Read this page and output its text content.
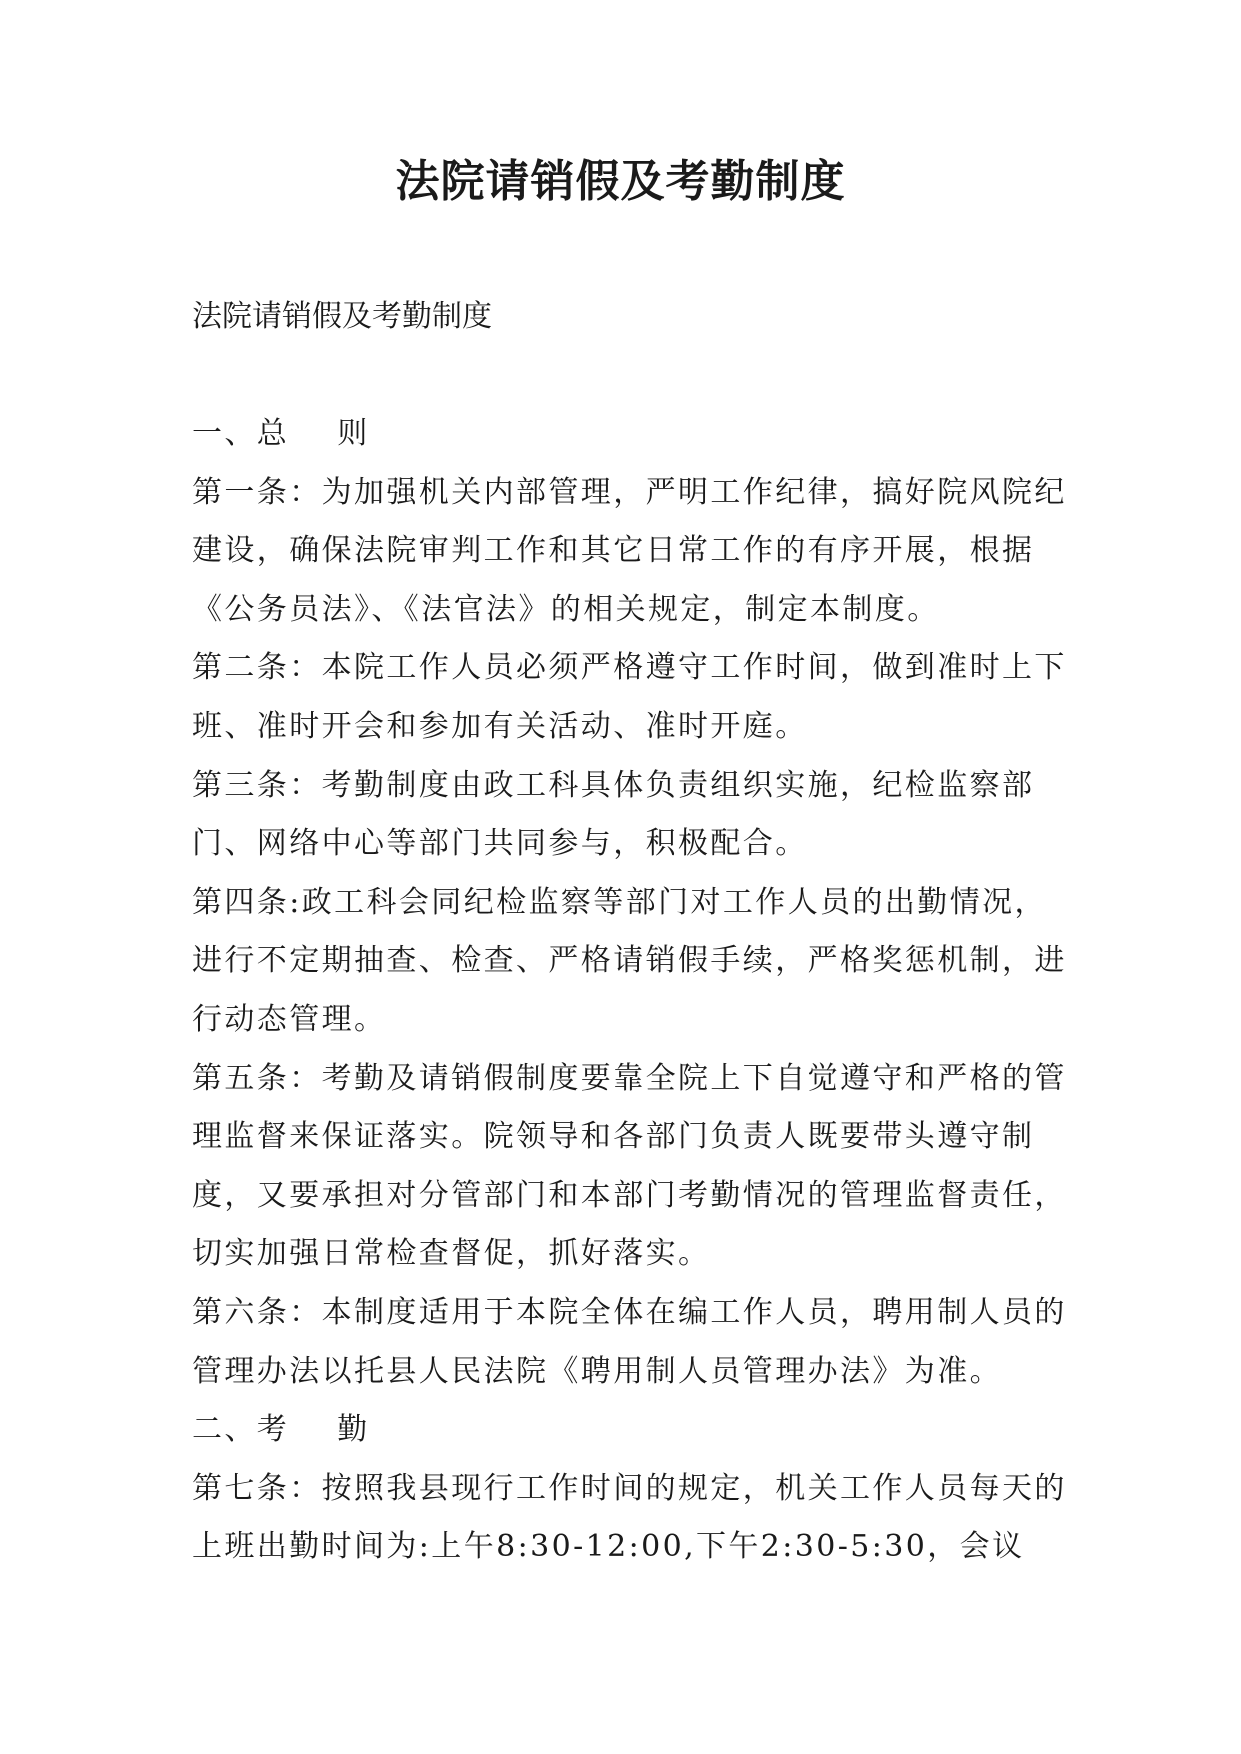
法院请销假及考勤制度

法院请销假及考勤制度

一、总 则

第一条：为加强机关内部管理，严明工作纪律，搞好院风院纪建设，确保法院审判工作和其它日常工作的有序开展，根据《公务员法》、《法官法》的相关规定，制定本制度。

第二条：本院工作人员必须严格遵守工作时间，做到准时上下班、准时开会和参加有关活动、准时开庭。

第三条：考勤制度由政工科具体负责组织实施，纪检监察部门、网络中心等部门共同参与，积极配合。

第四条:政工科会同纪检监察等部门对工作人员的出勤情况，进行不定期抽查、检查、严格请销假手续，严格奖惩机制，进行动态管理。

第五条：考勤及请销假制度要靠全院上下自觉遵守和严格的管理监督来保证落实。院领导和各部门负责人既要带头遵守制度，又要承担对分管部门和本部门考勤情况的管理监督责任，切实加强日常检查督促，抓好落实。

第六条：本制度适用于本院全体在编工作人员，聘用制人员的管理办法以托县人民法院《聘用制人员管理办法》为准。

二、考 勤

第七条：按照我县现行工作时间的规定，机关工作人员每天的上班出勤时间为:上午8:30-12:00,下午2:30-5:30，会议
